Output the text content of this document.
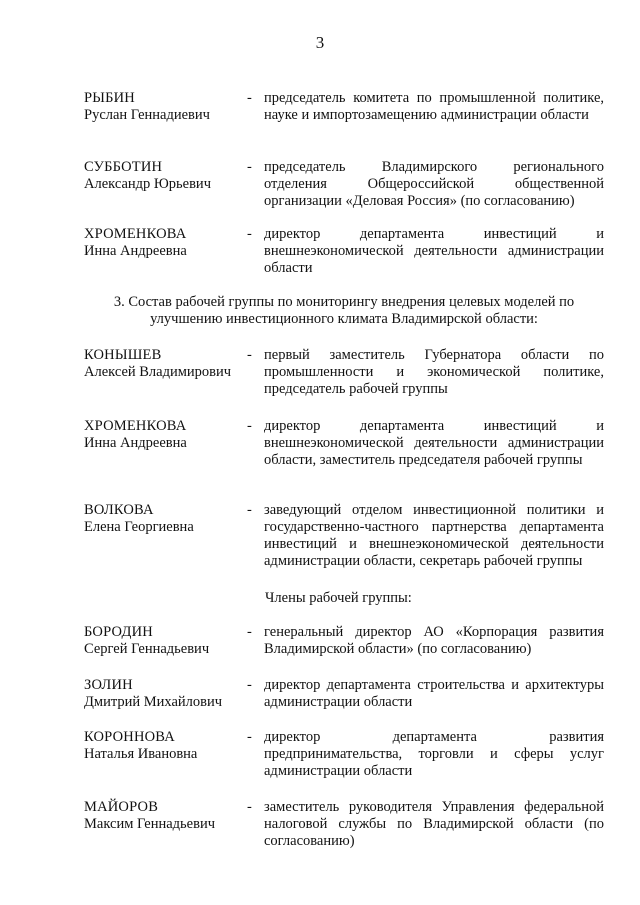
3
РЫБИН
Руслан Геннадиевич
- председатель комитета по промышленной политике, науке и импортозамещению администрации области
СУББОТИН
Александр Юрьевич
- председатель Владимирского регионального отделения Общероссийской общественной организации «Деловая Россия» (по согласованию)
ХРОМЕНКОВА
Инна Андреевна
- директор департамента инвестиций и внешнеэкономической деятельности администрации области
3. Состав рабочей группы по мониторингу внедрения целевых моделей по улучшению инвестиционного климата Владимирской области:
КОНЫШЕВ
Алексей Владимирович
- первый заместитель Губернатора области по промышленности и экономической политике, председатель рабочей группы
ХРОМЕНКОВА
Инна Андреевна
- директор департамента инвестиций и внешнеэкономической деятельности администрации области, заместитель председателя рабочей группы
ВОЛКОВА
Елена Георгиевна
- заведующий отделом инвестиционной политики и государственно-частного партнерства департамента инвестиций и внешнеэкономической деятельности администрации области, секретарь рабочей группы
Члены рабочей группы:
БОРОДИН
Сергей Геннадьевич
- генеральный директор АО «Корпорация развития Владимирской области» (по согласованию)
ЗОЛИН
Дмитрий Михайлович
- директор департамента строительства и архитектуры администрации области
КОРОННОВА
Наталья Ивановна
- директор департамента развития предпринимательства, торговли и сферы услуг администрации области
МАЙОРОВ
Максим Геннадьевич
- заместитель руководителя Управления федеральной налоговой службы по Владимирской области (по согласованию)
